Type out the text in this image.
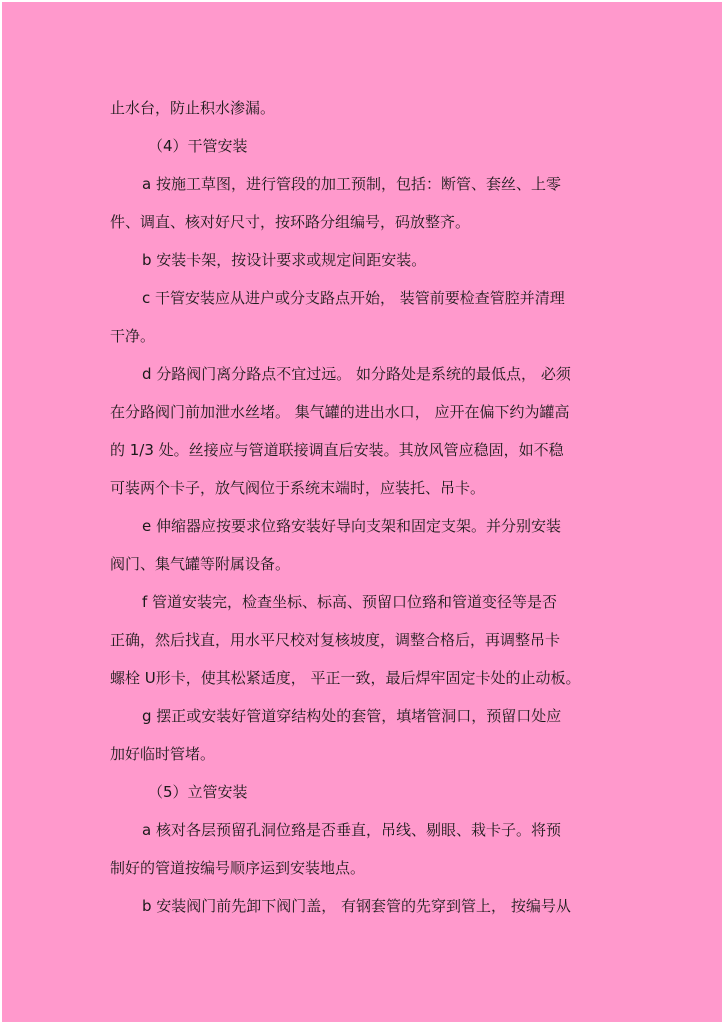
止水台，防止积水渗漏。
（4）干管安装
a 按施工草图，进行管段的加工预制，包括：断管、套丝、上零
件、调直、核对好尺寸，按环路分组编号，码放整齐。
b 安装卡架，按设计要求或规定间距安装。
c 干管安装应从进户或分支路点开始， 装管前要检查管腔并清理
干净。
d 分路阀门离分路点不宜过远。 如分路处是系统的最低点， 必须
在分路阀门前加泄水丝堵。 集气罐的进出水口， 应开在偏下约为罐高
的 1/3 处。丝接应与管道联接调直后安装。其放风管应稳固，如不稳
可装两个卡子，放气阀位于系统末端时，应装托、吊卡。
e 伸缩器应按要求位臵安装好导向支架和固定支架。并分别安装
阀门、集气罐等附属设备。
f 管道安装完，检查坐标、标高、预留口位臵和管道变径等是否
正确，然后找直，用水平尺校对复核坡度，调整合格后，再调整吊卡
螺栓 U形卡，使其松紧适度， 平正一致，最后焊牢固定卡处的止动板。
g 摆正或安装好管道穿结构处的套管，填堵管洞口，预留口处应
加好临时管堵。
（5）立管安装
a 核对各层预留孔洞位臵是否垂直，吊线、剔眼、栽卡子。将预
制好的管道按编号顺序运到安装地点。
b 安装阀门前先卸下阀门盖， 有钢套管的先穿到管上， 按编号从
